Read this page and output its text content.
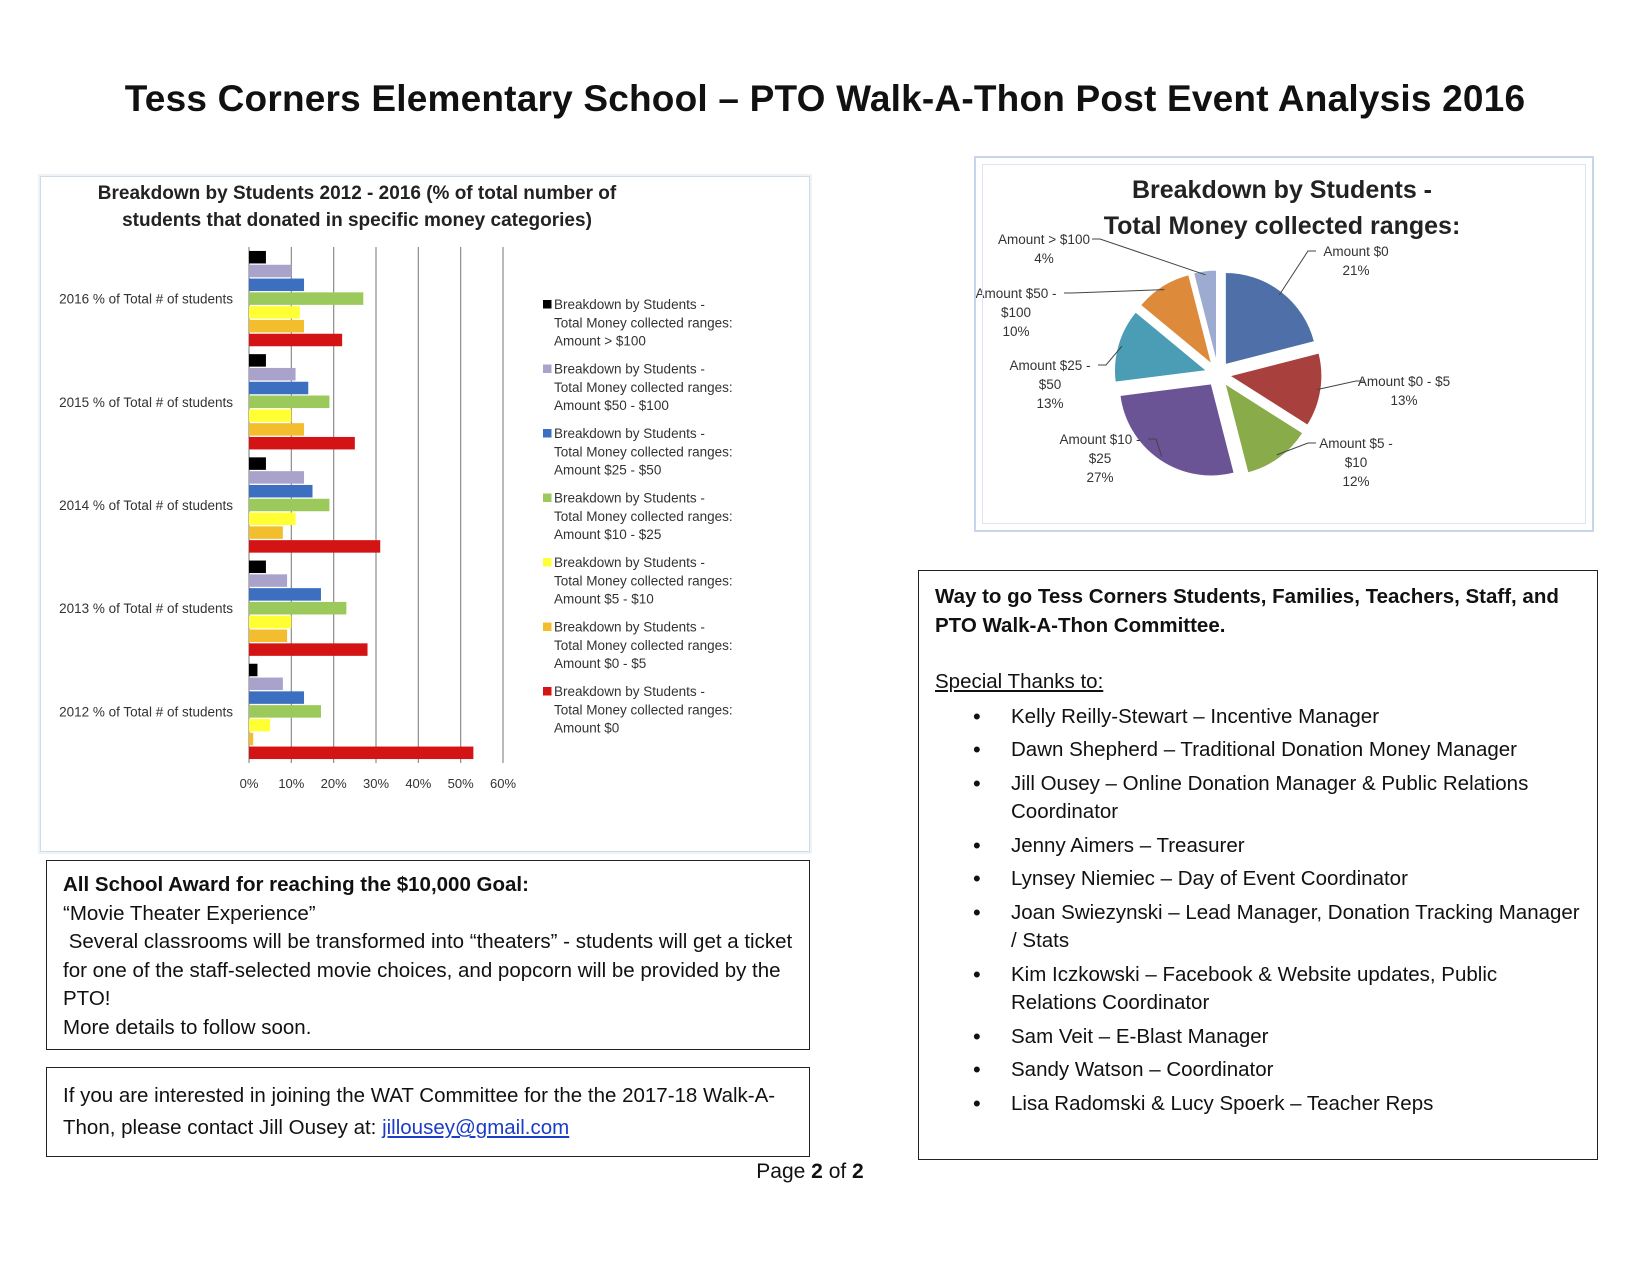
Tess Corners Elementary School – PTO Walk-A-Thon Post Event Analysis 2016
Breakdown by Students 2012 - 2016 (% of total number of
students that donated in specific money categories)
0% 10% 20% 30% 40% 50% 60%
2016 % of Total # of students
2015 % of Total # of students
2014 % of Total # of students
2013 % of Total # of students
2012 % of Total # of students
Breakdown by Students -
Total Money collected ranges:
Amount > $100
Breakdown by Students -
Total Money collected ranges:
Amount $50 - $100
Breakdown by Students -
Total Money collected ranges:
Amount $25 - $50
Breakdown by Students -
Total Money collected ranges:
Amount $10 - $25
Breakdown by Students -
Total Money collected ranges:
Amount $5 - $10
Breakdown by Students -
Total Money collected ranges:
Amount $0 - $5
Breakdown by Students -
Total Money collected ranges:
Amount $0
Breakdown by Students -
Total Money collected ranges:
Amount $0
21%
Amount $0 - $5
13%
Amount $5 -
$10
12%
Amount $10 -
$25
27%
Amount $25 -
$50
13%
Amount $50 -
$100
10%
Amount > $100
4%
All School Award for reaching the $10,000 Goal:
“Movie Theater Experience”
Several classrooms will be transformed into “theaters” - students will get a ticket for one of the staff-selected movie choices, and popcorn will be provided by the PTO!
More details to follow soon.
If you are interested in joining the WAT Committee for the the 2017-18 Walk-A-Thon, please contact Jill Ousey at: jillousey@gmail.com
Way to go Tess Corners Students, Families, Teachers, Staff, and PTO Walk-A-Thon Committee.
Special Thanks to:
• Kelly Reilly-Stewart – Incentive Manager
• Dawn Shepherd – Traditional Donation Money Manager
• Jill Ousey – Online Donation Manager & Public Relations Coordinator
• Jenny Aimers – Treasurer
• Lynsey Niemiec – Day of Event Coordinator
• Joan Swiezynski – Lead Manager, Donation Tracking Manager / Stats
• Kim Iczkowski – Facebook & Website updates, Public Relations Coordinator
• Sam Veit – E-Blast Manager
• Sandy Watson – Coordinator
• Lisa Radomski & Lucy Spoerk – Teacher Reps
Page 2 of 2
